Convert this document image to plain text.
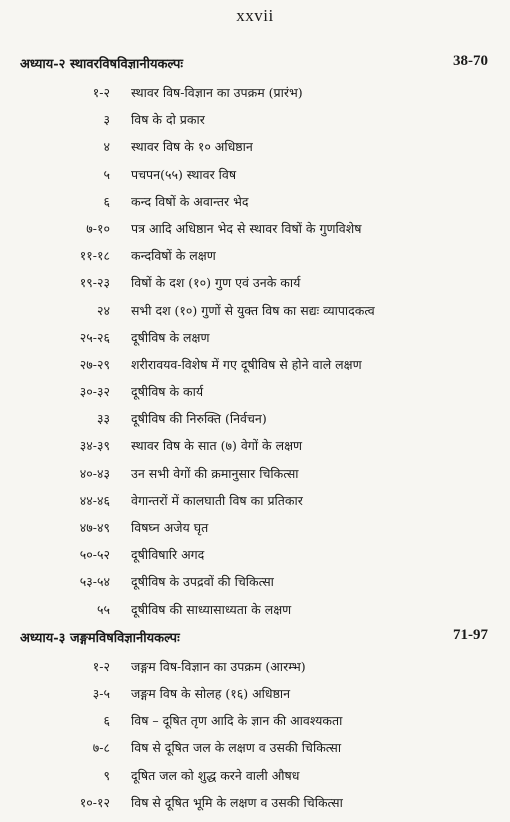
xxvii
अध्याय-२ स्थावरविषविज्ञानीयकल्पः	38-70
१-२ स्थावर विष-विज्ञान का उपक्रम (प्रारंभ)
३ विष के दो प्रकार
४ स्थावर विष के १० अधिष्ठान
५ पचपन(५५) स्थावर विष
६ कन्द विषों के अवान्तर भेद
७-१० पत्र आदि अधिष्ठान भेद से स्थावर विषों के गुणविशेष
११-१८ कन्दविषों के लक्षण
१९-२३ विषों के दश (१०) गुण एवं उनके कार्य
२४ सभी दश (१०) गुणों से युक्त विष का सद्यः व्यापादकत्व
२५-२६ दूषीविष के लक्षण
२७-२९ शरीरावयव-विशेष में गए दूषीविष से होने वाले लक्षण
३०-३२ दूषीविष के कार्य
३३ दूषीविष की निरुक्ति (निर्वचन)
३४-३९ स्थावर विष के सात (७) वेगों के लक्षण
४०-४३ उन सभी वेगों की क्रमानुसार चिकित्सा
४४-४६ वेगान्तरों में कालघाती विष का प्रतिकार
४७-४९ विषघ्न अजेय घृत
५०-५२ दूषीविषारि अगद
५३-५४ दूषीविष के उपद्रवों की चिकित्सा
५५ दूषीविष की साध्यासाध्यता के लक्षण
अध्याय-३ जङ्गमविषविज्ञानीयकल्पः	71-97
१-२ जङ्गम विष-विज्ञान का उपक्रम (आरम्भ)
३-५ जङ्गम विष के सोलह (१६) अधिष्ठान
६ विष – दूषित तृण आदि के ज्ञान की आवश्यकता
७-८ विष से दूषित जल के लक्षण व उसकी चिकित्सा
९ दूषित जल को शुद्ध करने वाली औषध
१०-१२ विष से दूषित भूमि के लक्षण व उसकी चिकित्सा
